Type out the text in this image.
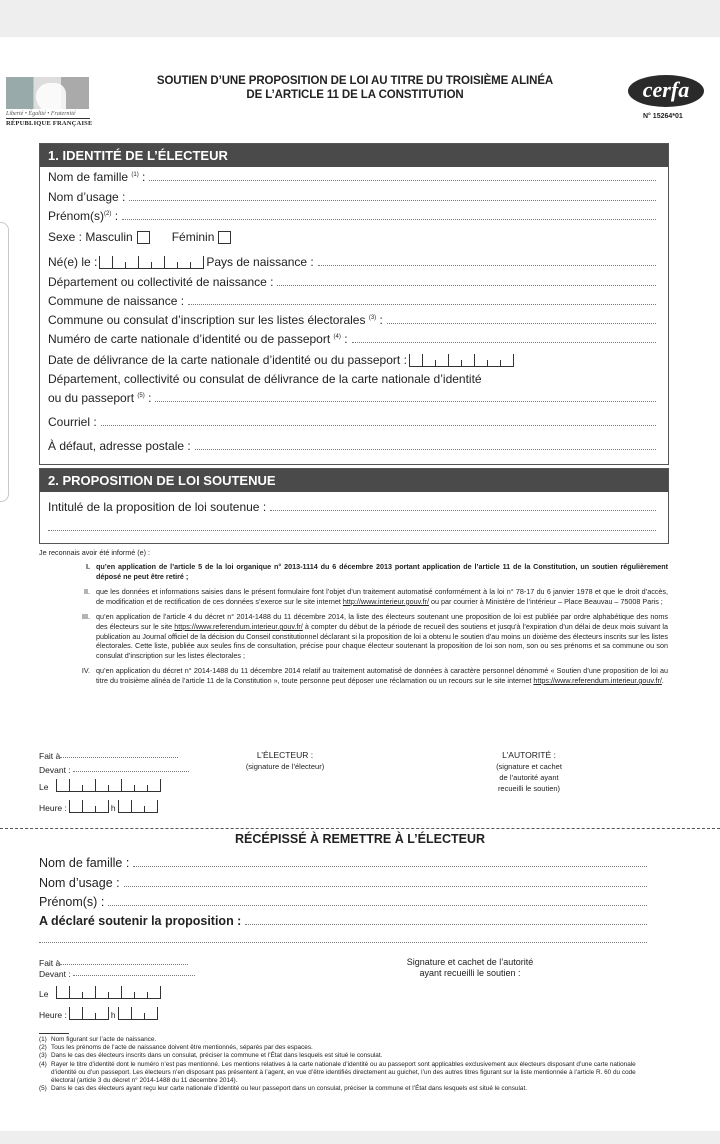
Liberté • Égalité • Fraternité
RÉPUBLIQUE FRANÇAISE
SOUTIEN D’UNE PROPOSITION DE LOI AU TITRE DU TROISIÈME ALINÉA
DE L’ARTICLE 11 DE LA CONSTITUTION	cerfa
N° 15264*01
1. IDENTITÉ DE L’ÉLECTEUR
Nom de famille $^{(1)}$ :
Nom d’usage :
$Prénom(s)^{(2)}$ :
Sexe : Masculin	Féminin
Né(e) le :	Pays de naissance :
Département ou collectivité de naissance :
Commune de naissance :
Commune ou consulat d’inscription sur les listes électorales $^{(3)}$ :
Numéro de carte nationale d’identité ou de passeport $^{(4)}$ :
Date de délivrance de la carte nationale d’identité ou du passeport :
Département, collectivité ou consulat de délivrance de la carte nationale d’identité
ou du passeport $^{(5)}$ :
Courriel :
À défaut, adresse postale :
2. PROPOSITION DE LOI SOUTENUE
Intitulé de la proposition de loi soutenue :
Je reconnais avoir été informé (e) :
I. qu’en application de l’article 5 de la loi organique n° 2013-1114 du 6 décembre 2013 portant application de l’article 11 de la Constitution, un soutien régulièrement déposé ne peut être retiré ;
II. que les données et informations saisies dans le présent formulaire font l’objet d’un traitement automatisé conformément à la loi n° 78-17 du 6 janvier 1978 et que le droit d’accès, de modification et de rectification de ces données s’exerce sur le site internet http://www.interieur.gouv.fr/ ou par courrier à Ministère de l’intérieur – Place Beauvau – 75008 Paris ;
III. qu’en application de l’article 4 du décret n° 2014-1488 du 11 décembre 2014, la liste des électeurs soutenant une proposition de loi est publiée par ordre alphabétique des noms des électeurs sur le site https://www.referendum.interieur.gouv.fr/ à compter du début de la période de recueil des soutiens et jusqu’à l’expiration d’un délai de deux mois suivant la publication au Journal officiel de la décision du Conseil constitutionnel déclarant si la proposition de loi a obtenu le soutien d’au moins un dixième des électeurs inscrits sur les listes électorales. Cette liste, publiée aux seules fins de consultation, précise pour chaque électeur soutenant la proposition de loi son nom, son ou ses prénoms et sa commune ou son consulat d’inscription sur les listes électorales ;
IV. qu’en application du décret n° 2014-1488 du 11 décembre 2014 relatif au traitement automatisé de données à caractère personnel dénommé « Soutien d’une proposition de loi au titre du troisième alinéa de l’article 11 de la Constitution », toute personne peut déposer une réclamation ou un recours sur le site internet https://www.referendum.interieur.gouv.fr/.
Fait à
Devant :
Le
Heure :	h
L’ÉLECTEUR :
(signature de l’électeur)
L’AUTORITÉ :
(signature et cachet
de l’autorité ayant
recueilli le soutien)
RÉCÉPISSÉ À REMETTRE À L’ÉLECTEUR
Nom de famille :
Nom d’usage :
Prénom(s) :
A déclaré soutenir la proposition :
Fait à
Devant :
Le
Heure :	h
Signature et cachet de l’autorité
ayant recueilli le soutien :
(1) Nom figurant sur l’acte de naissance.
(2) Tous les prénoms de l’acte de naissance doivent être mentionnés, séparés par des espaces.
(3) Dans le cas des électeurs inscrits dans un consulat, préciser la commune et l’État dans lesquels est situé le consulat.
(4) Rayer le titre d’identité dont le numéro n’est pas mentionné. Les mentions relatives à la carte nationale d’identité ou au passeport sont applicables exclusivement aux électeurs disposant d’une carte nationale d’identité ou d’un passeport. Les électeurs n’en disposant pas présentent à l’agent, en vue d’être identifiés directement au guichet, l’un des autres titres figurant sur la liste mentionnée à l’article R. 60 du code électoral (article 3 du décret n° 2014-1488 du 11 décembre 2014).
(5) Dans le cas des électeurs ayant reçu leur carte nationale d’identité ou leur passeport dans un consulat, préciser la commune et l’État dans lesquels est situé le consulat.
